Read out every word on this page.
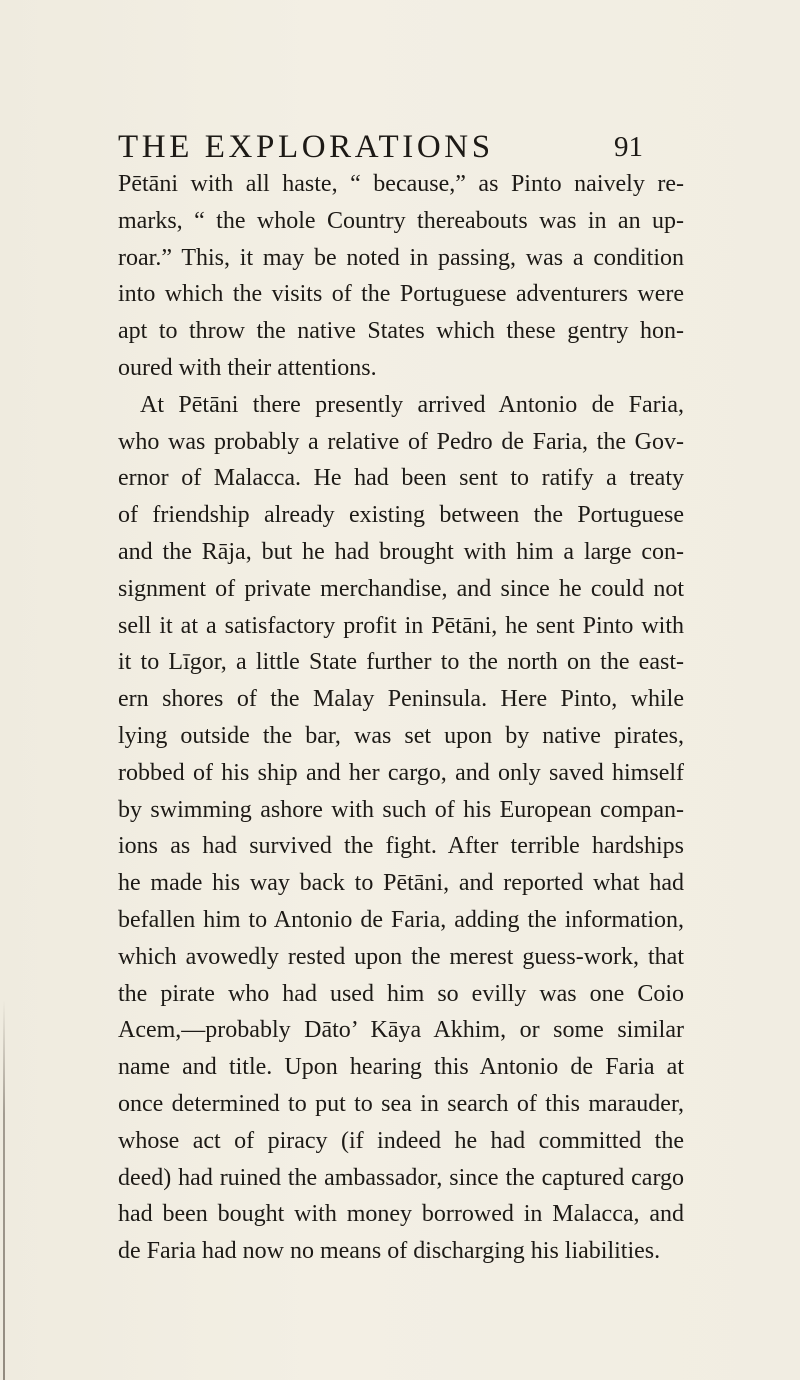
THE EXPLORATIONS	91
Pētāni with all haste, “ because,” as Pinto naively re-
marks, “ the whole Country thereabouts was in an up-
roar.” This, it may be noted in passing, was a condition
into which the visits of the Portuguese adventurers were
apt to throw the native States which these gentry hon-
oured with their attentions.
At Pētāni there presently arrived Antonio de Faria,
who was probably a relative of Pedro de Faria, the Gov-
ernor of Malacca. He had been sent to ratify a treaty
of friendship already existing between the Portuguese
and the Rāja, but he had brought with him a large con-
signment of private merchandise, and since he could not
sell it at a satisfactory profit in Pētāni, he sent Pinto with
it to Līgor, a little State further to the north on the east-
ern shores of the Malay Peninsula. Here Pinto, while
lying outside the bar, was set upon by native pirates,
robbed of his ship and her cargo, and only saved himself
by swimming ashore with such of his European compan-
ions as had survived the fight. After terrible hardships
he made his way back to Pētāni, and reported what had
befallen him to Antonio de Faria, adding the information,
which avowedly rested upon the merest guess-work, that
the pirate who had used him so evilly was one Coio
Acem,—probably Dāto’ Kāya Akhim, or some similar
name and title. Upon hearing this Antonio de Faria at
once determined to put to sea in search of this marauder,
whose act of piracy (if indeed he had committed the
deed) had ruined the ambassador, since the captured cargo
had been bought with money borrowed in Malacca, and
de Faria had now no means of discharging his liabilities.
